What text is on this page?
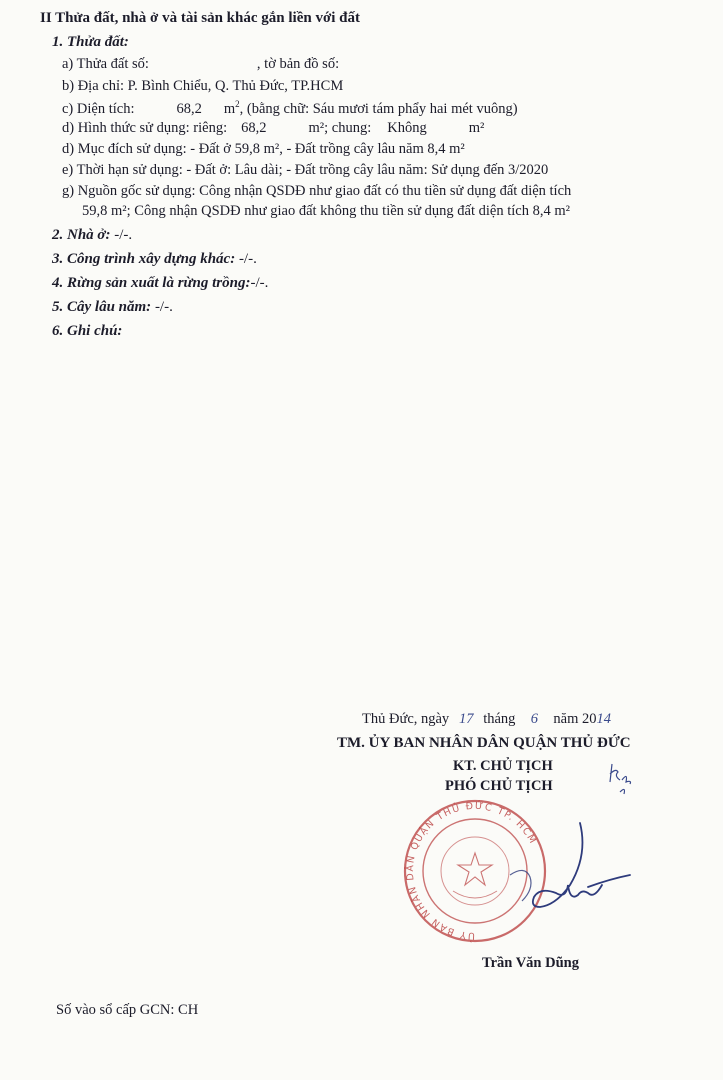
II Thửa đất, nhà ở và tài sản khác gắn liền với đất
1. Thửa đất:
a) Thửa đất số:	, tờ bản đồ số:
b) Địa chỉ: P. Bình Chiểu, Q. Thủ Đức, TP.HCM
c) Diện tích:	68,2 $m^2$, (bằng chữ: Sáu mươi tám phẩy hai mét vuông)
d) Hình thức sử dụng: riêng: 68,2	m²; chung: Không	m²
d) Mục đích sử dụng: - Đất ở 59,8 m², - Đất trồng cây lâu năm 8,4 m²
e) Thời hạn sử dụng: - Đất ở: Lâu dài; - Đất trồng cây lâu năm: Sử dụng đến 3/2020
g) Nguồn gốc sử dụng: Công nhận QSDĐ như giao đất có thu tiền sử dụng đất diện tích
59,8 m²; Công nhận QSDĐ như giao đất không thu tiền sử dụng đất diện tích 8,4 m²
2. Nhà ở: -/-.
3. Công trình xây dựng khác: -/-.
4. Rừng sản xuất là rừng trồng:-/-.
5. Cây lâu năm: -/-.
6. Ghi chú:
Thủ Đức, ngày 17 tháng 6 năm 2014
TM. ỦY BAN NHÂN DÂN QUẬN THỦ ĐỨC
KT. CHỦ TỊCH
PHÓ CHỦ TỊCH
ỦY BAN NHÂN DÂN QUẬN THỦ ĐỨC TP. HCM
Trần Văn Dũng
Số vào sổ cấp GCN: CH
